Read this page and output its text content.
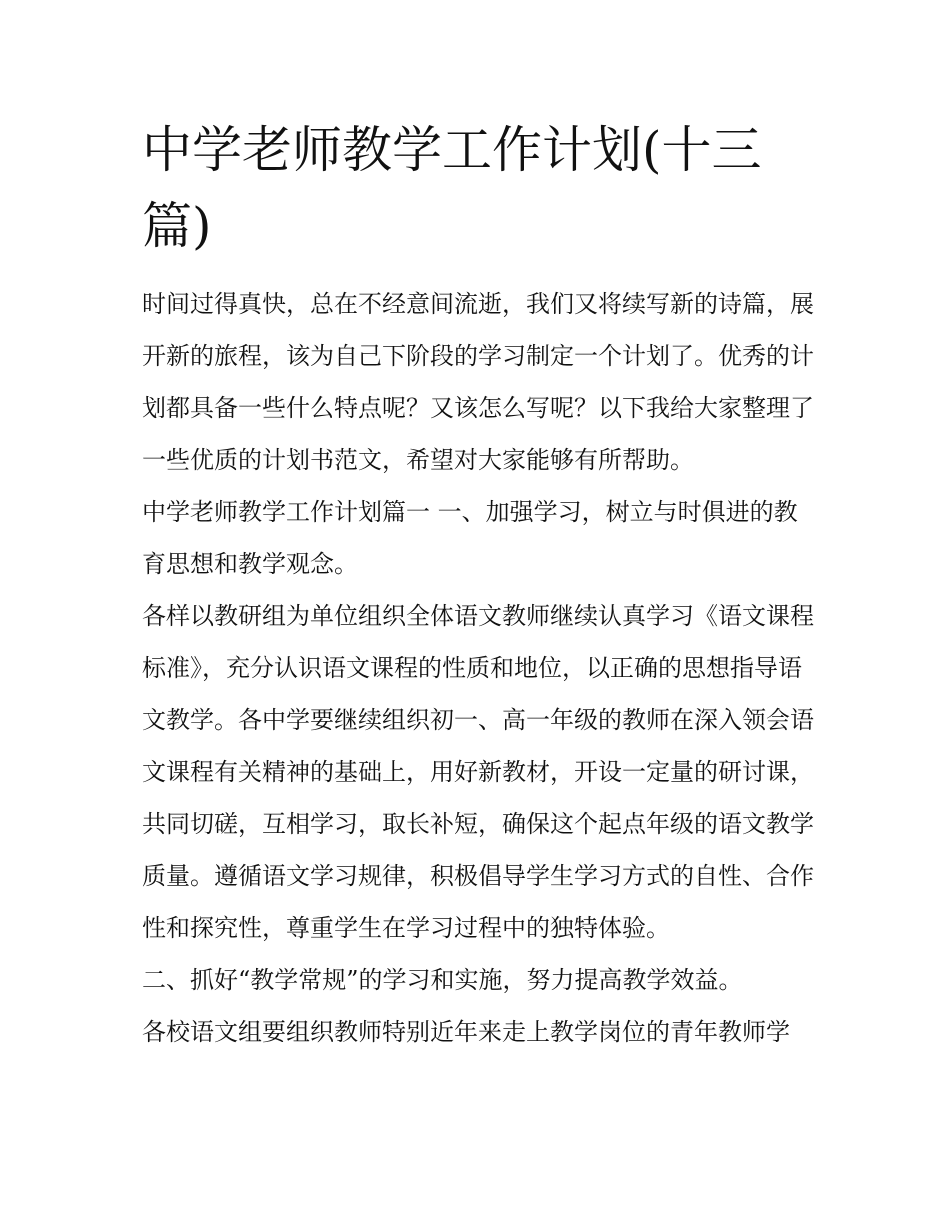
中学老师教学工作计划(十三篇)

时间过得真快，总在不经意间流逝，我们又将续写新的诗篇，展开新的旅程，该为自己下阶段的学习制定一个计划了。优秀的计划都具备一些什么特点呢？又该怎么写呢？以下我给大家整理了一些优质的计划书范文，希望对大家能够有所帮助。

中学老师教学工作计划篇一 一、加强学习，树立与时俱进的教育思想和教学观念。

各样以教研组为单位组织全体语文教师继续认真学习《语文课程标准》，充分认识语文课程的性质和地位，以正确的思想指导语文教学。各中学要继续组织初一、高一年级的教师在深入领会语文课程有关精神的基础上，用好新教材，开设一定量的研讨课，共同切磋，互相学习，取长补短，确保这个起点年级的语文教学质量。遵循语文学习规律，积极倡导学生学习方式的自性、合作性和探究性，尊重学生在学习过程中的独特体验。

二、抓好“教学常规”的学习和实施，努力提高教学效益。

各校语文组要组织教师特别近年来走上教学岗位的青年教师学
